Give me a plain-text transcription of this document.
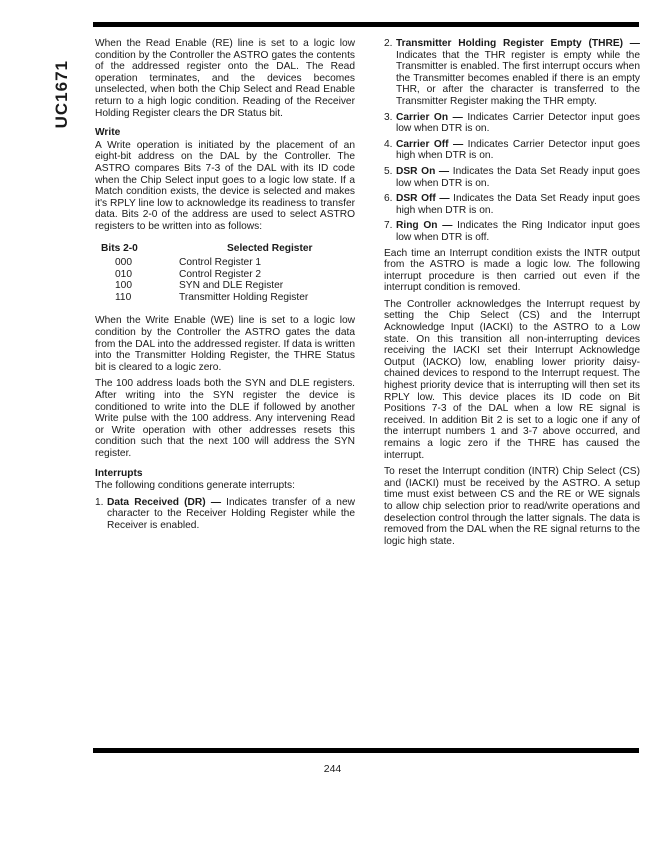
UC1671

When the Read Enable (RE) line is set to a logic low condition by the Controller the ASTRO gates the contents of the addressed register onto the DAL. The Read operation terminates, and the devices becomes unselected, when both the Chip Select and Read Enable return to a high logic condition. Reading of the Receiver Holding Register clears the DR Status bit.

Write

A Write operation is initiated by the placement of an eight-bit address on the DAL by the Controller. The ASTRO compares Bits 7-3 of the DAL with its ID code when the Chip Select input goes to a logic low state. If a Match condition exists, the device is selected and makes it's RPLY line low to acknowledge its readiness to transfer data. Bits 2-0 of the address are used to select ASTRO registers to be written into as follows:

Bits 2-0	Selected Register
000	Control Register 1
010	Control Register 2
100	SYN and DLE Register
110	Transmitter Holding Register

When the Write Enable (WE) line is set to a logic low condition by the Controller the ASTRO gates the data from the DAL into the addressed register. If data is written into the Transmitter Holding Register, the THRE Status bit is cleared to a logic zero.

The 100 address loads both the SYN and DLE registers. After writing into the SYN register the device is conditioned to write into the DLE if followed by another Write pulse with the 100 address. Any intervening Read or Write operation with other addresses resets this condition such that the next 100 will address the SYN register.

Interrupts

The following conditions generate interrupts:

1. Data Received (DR) — Indicates transfer of a new character to the Receiver Holding Register while the Receiver is enabled.
2. Transmitter Holding Register Empty (THRE) — Indicates that the THR register is empty while the Transmitter is enabled. The first interrupt occurs when the Transmitter becomes enabled if there is an empty THR, or after the character is transferred to the Transmitter Register making the THR empty.
3. Carrier On — Indicates Carrier Detector input goes low when DTR is on.
4. Carrier Off — Indicates Carrier Detector input goes high when DTR is on.
5. DSR On — Indicates the Data Set Ready input goes low when DTR is on.
6. DSR Off — Indicates the Data Set Ready input goes high when DTR is on.
7. Ring On — Indicates the Ring Indicator input goes low when DTR is off.

Each time an Interrupt condition exists the INTR output from the ASTRO is made a logic low. The following interrupt procedure is then carried out even if the interrupt condition is removed.

The Controller acknowledges the Interrupt request by setting the Chip Select (CS) and the Interrupt Acknowledge Input (IACKI) to the ASTRO to a Low state. On this transition all non-interrupting devices receiving the IACKI set their Interrupt Acknowledge Output (IACKO) low, enabling lower priority daisy-chained devices to respond to the Interrupt request. The highest priority device that is interrupting will then set its RPLY low. This device places its ID code on Bit Positions 7-3 of the DAL when a low RE signal is received. In addition Bit 2 is set to a logic one if any of the interrupt numbers 1 and 3-7 above occurred, and remains a logic zero if the THRE has caused the interrupt.

To reset the Interrupt condition (INTR) Chip Select (CS) and (IACKI) must be received by the ASTRO. A setup time must exist between CS and the RE or WE signals to allow chip selection prior to read/write operations and deselection control through the latter signals. The data is removed from the DAL when the RE signal returns to the logic high state.

244
